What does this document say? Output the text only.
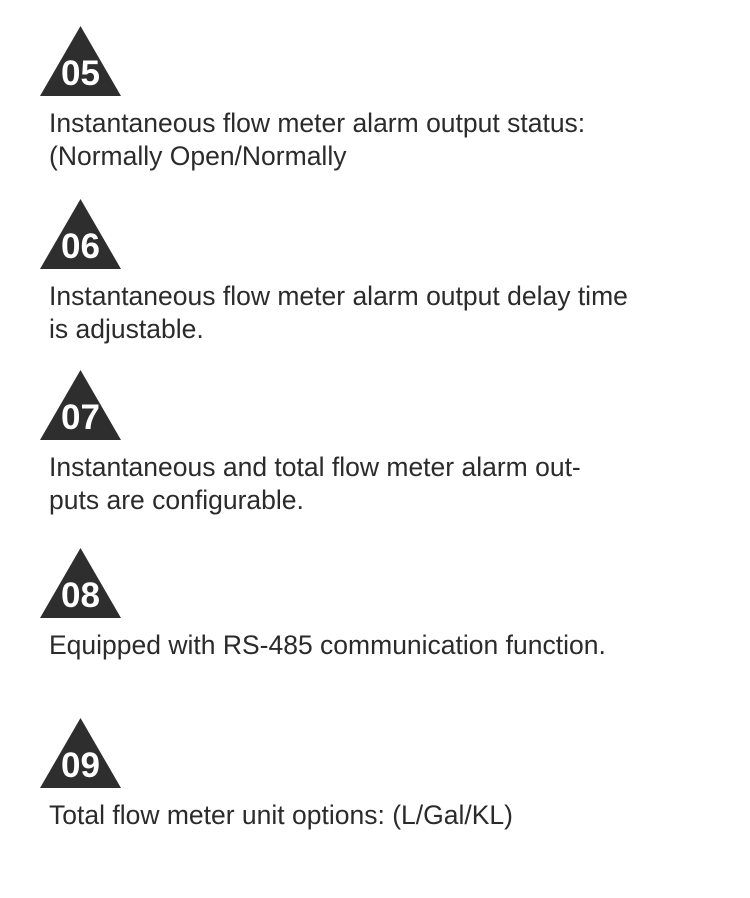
05
Instantaneous flow meter alarm output status:
(Normally Open/Normally
06
Instantaneous flow meter alarm output delay time
is adjustable.
07
Instantaneous and total flow meter alarm out-
puts are configurable.
08
Equipped with RS-485 communication function.
09
Total flow meter unit options: (L/Gal/KL)
